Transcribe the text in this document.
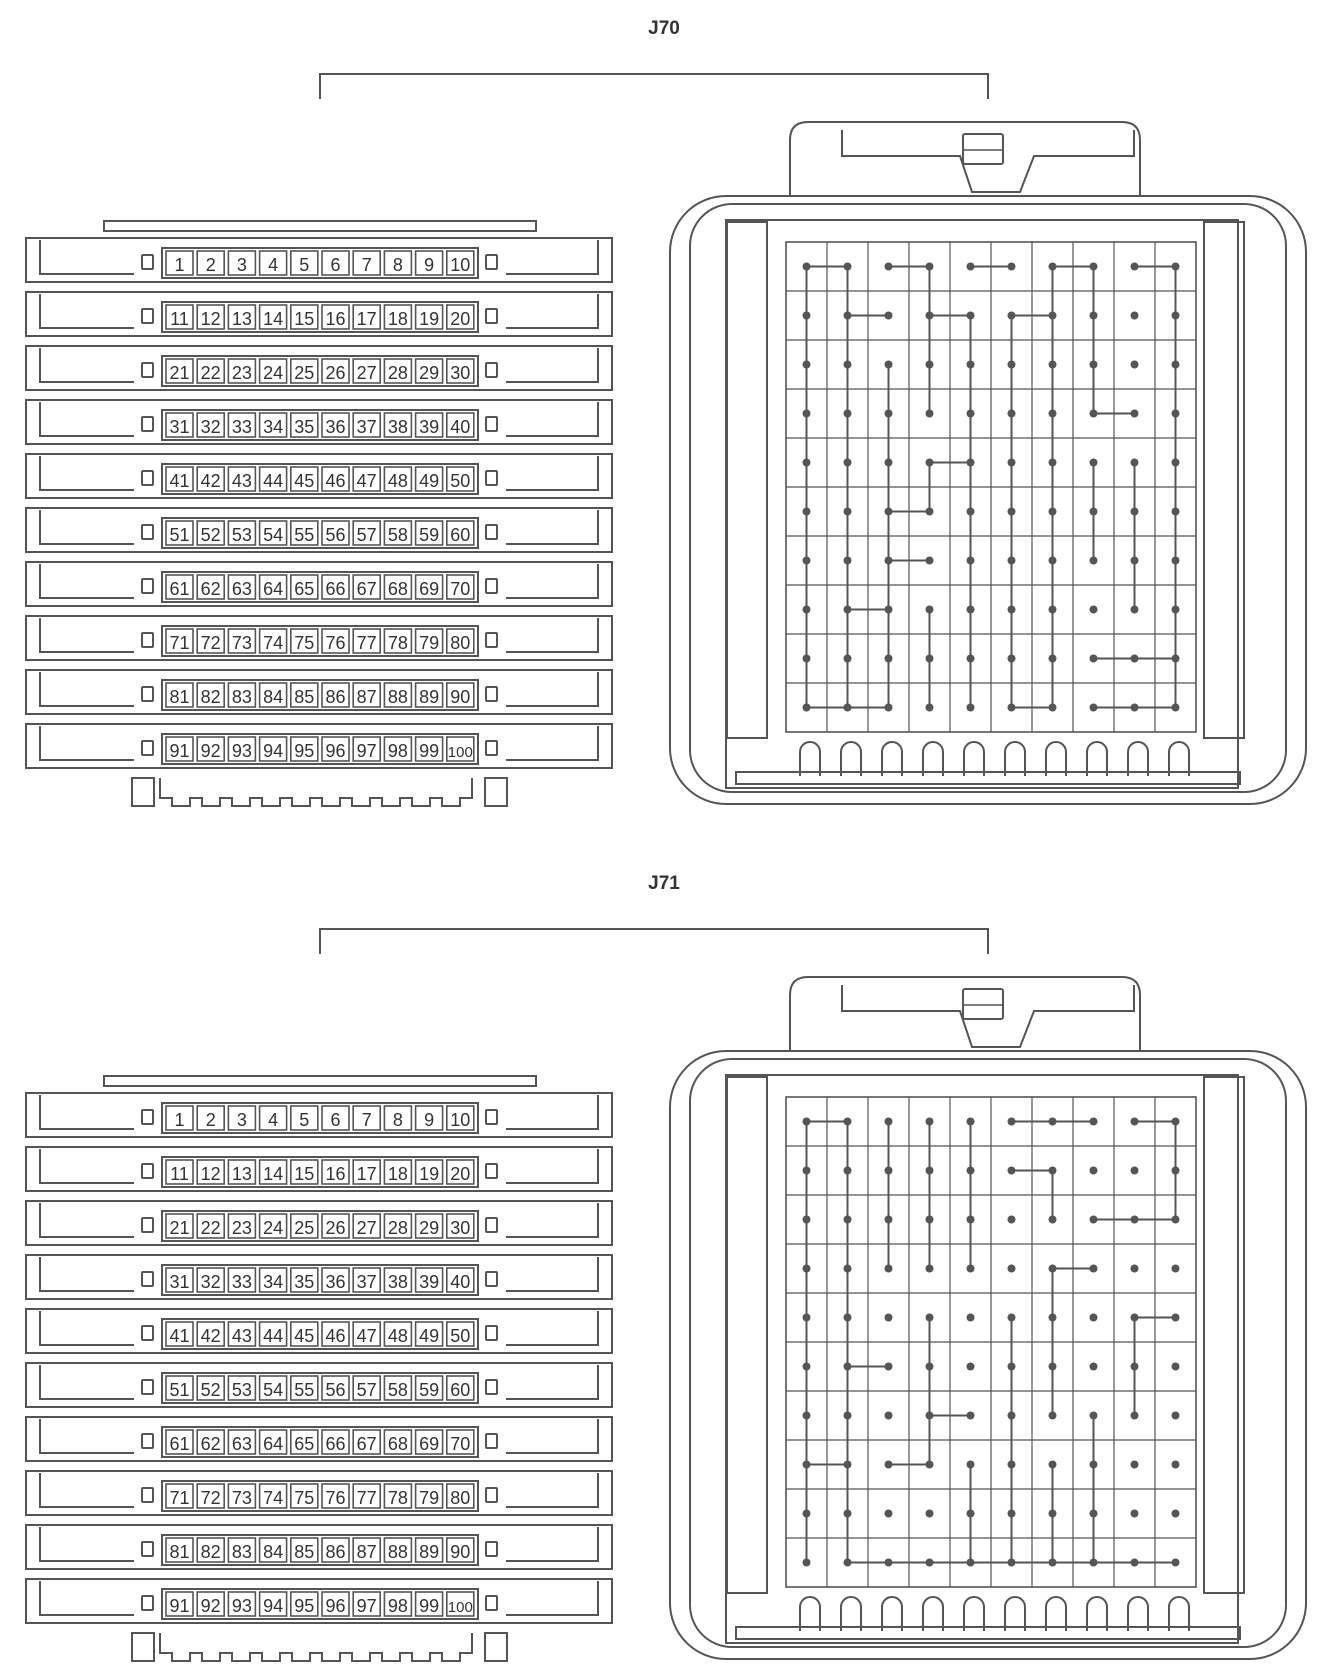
J70
1 2 3 4 5 6 7 8 9 10
11 12 13 14 15 16 17 18 19 20
21 22 23 24 25 26 27 28 29 30
31 32 33 34 35 36 37 38 39 40
41 42 43 44 45 46 47 48 49 50
51 52 53 54 55 56 57 58 59 60
61 62 63 64 65 66 67 68 69 70
71 72 73 74 75 76 77 78 79 80
81 82 83 84 85 86 87 88 89 90
91 92 93 94 95 96 97 98 99 100
J71
1 2 3 4 5 6 7 8 9 10
11 12 13 14 15 16 17 18 19 20
21 22 23 24 25 26 27 28 29 30
31 32 33 34 35 36 37 38 39 40
41 42 43 44 45 46 47 48 49 50
51 52 53 54 55 56 57 58 59 60
61 62 63 64 65 66 67 68 69 70
71 72 73 74 75 76 77 78 79 80
81 82 83 84 85 86 87 88 89 90
91 92 93 94 95 96 97 98 99 100
